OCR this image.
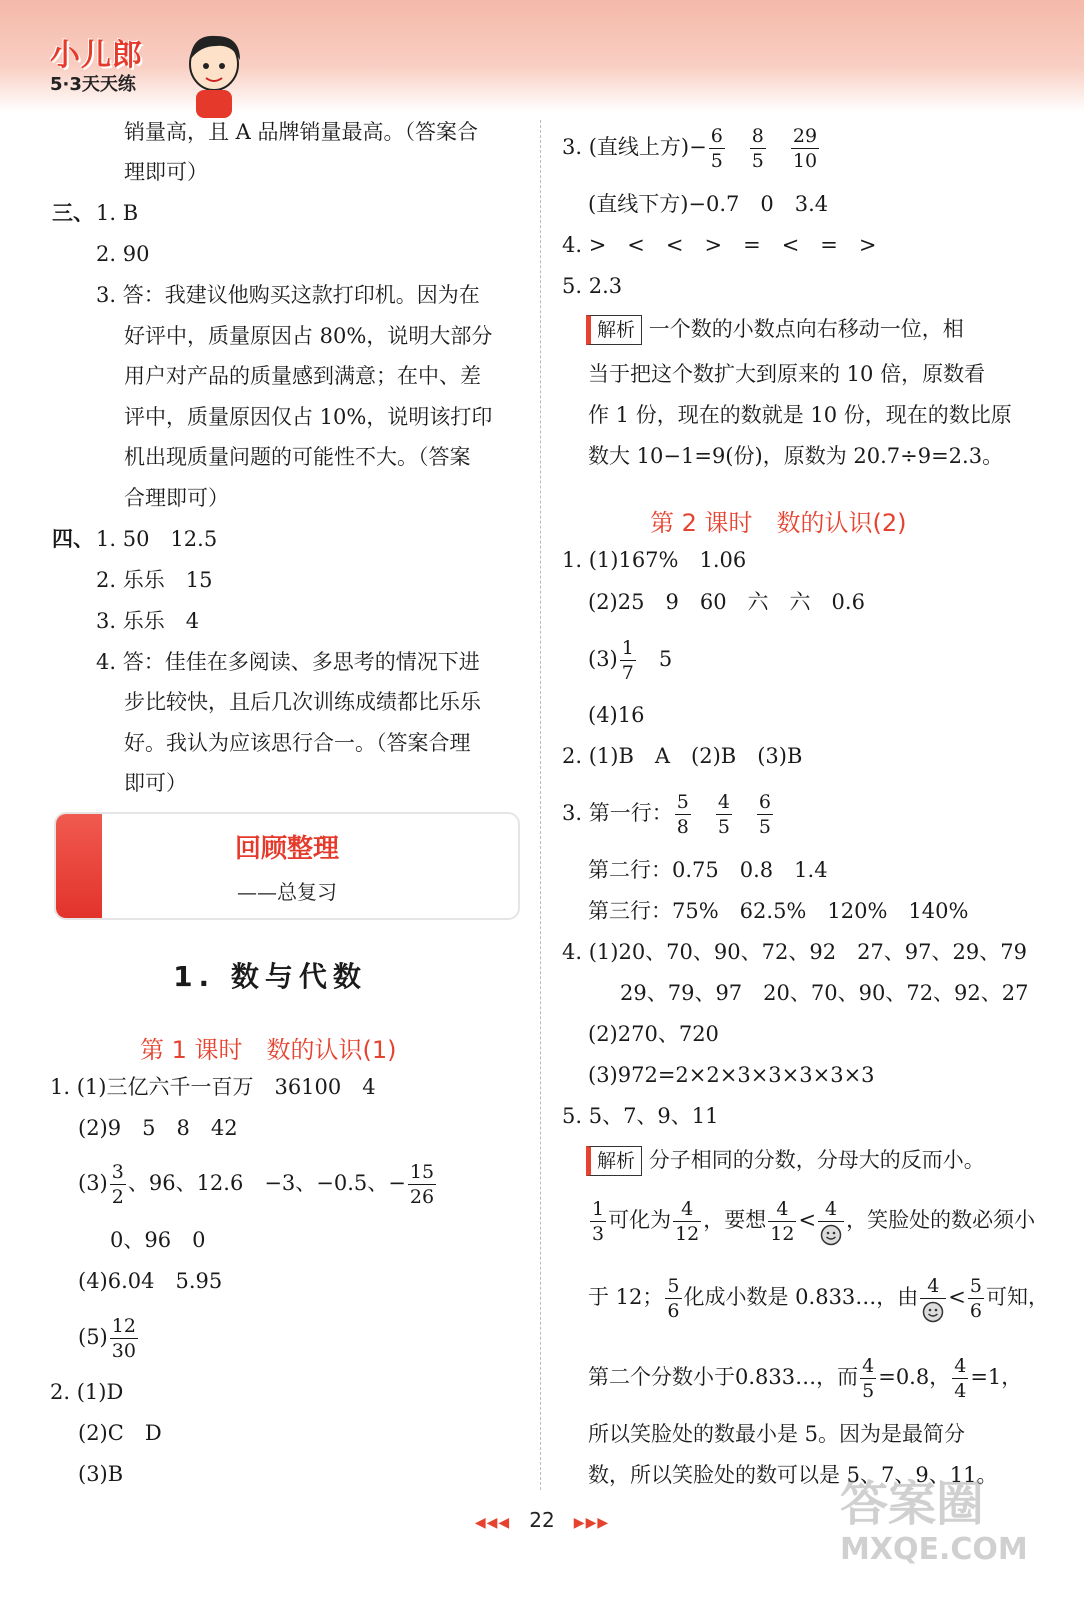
小儿郎
5·3天天练
销量高，且 A 品牌销量最高。（答案合
理即可）
三、 1. B
2. 90
3. 答：我建议他购买这款打印机。因为在
好评中，质量原因占 80%，说明大部分
用户对产品的质量感到满意；在中、差
评中，质量原因仅占 10%，说明该打印
机出现质量问题的可能性不大。（答案
合理即可）
四、 1. 50　12.5
2. 乐乐　15
3. 乐乐　4
4. 答：佳佳在多阅读、多思考的情况下进
步比较快，且后几次训练成绩都比乐乐
好。我认为应该思行合一。（答案合理
即可）
回顾整理
——总复习
1. 数与代数
第 1 课时　数的认识(1)
1. (1)三亿六千一百万　36100　4
(2)9　5　8　42
$(3) \frac{3}{2}$ 、96、12.6　−3、−0.5、− $\frac{15}{26}$
0、96　0
(4)6.04　5.95
$(5) \frac{12}{30}$
2. (1)D
(2)C　D
(3)B
3. (直线上方)− $\frac{6}{5}$
　 $\frac{8}{5}$
　 $\frac{29}{10}$
(直线下方)−0.7　0　3.4
4. >　<　<　>　=　<　=　>
5. 2.3
解析 一个数的小数点向右移动一位，相
当于把这个数扩大到原来的 10 倍，原数看
作 1 份，现在的数就是 10 份，现在的数比原
数大 10−1=9(份)，原数为 20.7÷9=2.3。
第 2 课时　数的认识(2)
1. (1)167%　1.06
(2)25　9　60　六　六　0.6
$(3) \frac{1}{7}$ 　5
(4)16
2. (1)B　A　(2)B　(3)B
3. 第一行： $\frac{5}{8}$
　 $\frac{4}{5}$
　 $\frac{6}{5}$
第二行：0.75　0.8　1.4
第三行：75%　62.5%　120%　140%
4. (1)20、70、90、72、92　27、97、29、79
29、79、97　20、70、90、72、92、27
(2)270、720
(3)972=2×2×3×3×3×3×3
5. 5、7、9、11
解析 分子相同的分数，分母大的反而小。
$\frac{1}{3}$ 可化为 $\frac{4}{12}$ ，要想 $\frac{4}{12} < 4$ ，笑脸处的数必须小
于 12； $\frac{5}{6}$ 化成小数是 0.833…，由 $4 < \frac{5}{6}$ 可知，
第二个分数小于0.833…，而 $\frac{4}{5} =0.8$， $\frac{4}{4} =1$，
所以笑脸处的数最小是 5。因为是最简分
数，所以笑脸处的数可以是 5、7、9、11。
◀◀◀ 22 ▶▶▶	答案圈
MXQE.COM
